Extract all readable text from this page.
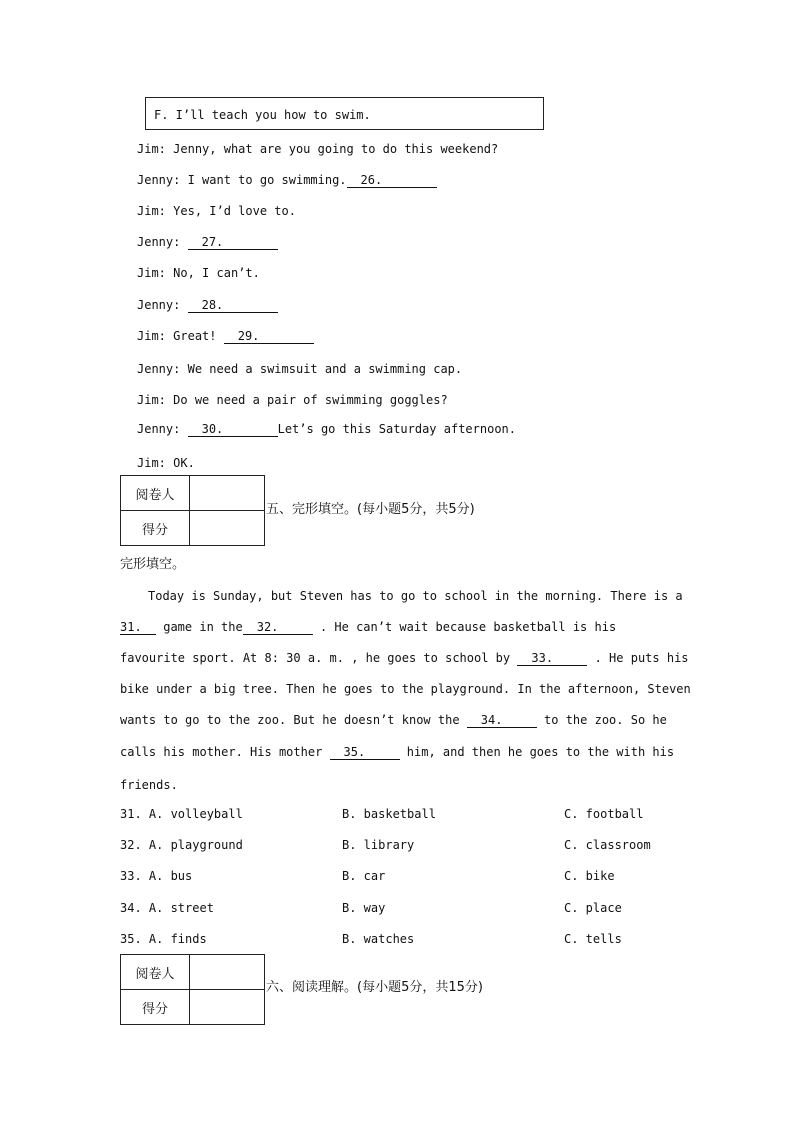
F. I’ll teach you how to swim.
Jim: Jenny, what are you going to do this weekend?
Jenny: I want to go swimming. 26.
Jim: Yes, I’d love to.
Jenny: 27.
Jim: No, I can’t.
Jenny: 28.
Jim: Great! 29.
Jenny: We need a swimsuit and a swimming cap.
Jim: Do we need a pair of swimming goggles?
Jenny: 30.	Let’s go this Saturday afternoon.
Jim: OK.
阅卷人	
得分	
五、完形填空。(每小题5分，共5分)
完形填空。
Today is Sunday, but Steven has to go to school in the morning. There is a
31. game in the 32.	. He can’t wait because basketball is his
favourite sport. At 8: 30 a. m. , he goes to school by 33.	. He puts his
bike under a big tree. Then he goes to the playground. In the afternoon, Steven
wants to go to the zoo. But he doesn’t know the 34.	to the zoo. So he
calls his mother. His mother 35.	him, and then he goes to the with his
friends.
31. A. volleyball	B. basketball	C. football
32. A. playground	B. library	C. classroom
33. A. bus	B. car	C. bike
34. A. street	B. way	C. place
35. A. finds	B. watches	C. tells
阅卷人	
得分	
六、阅读理解。(每小题5分，共15分)
